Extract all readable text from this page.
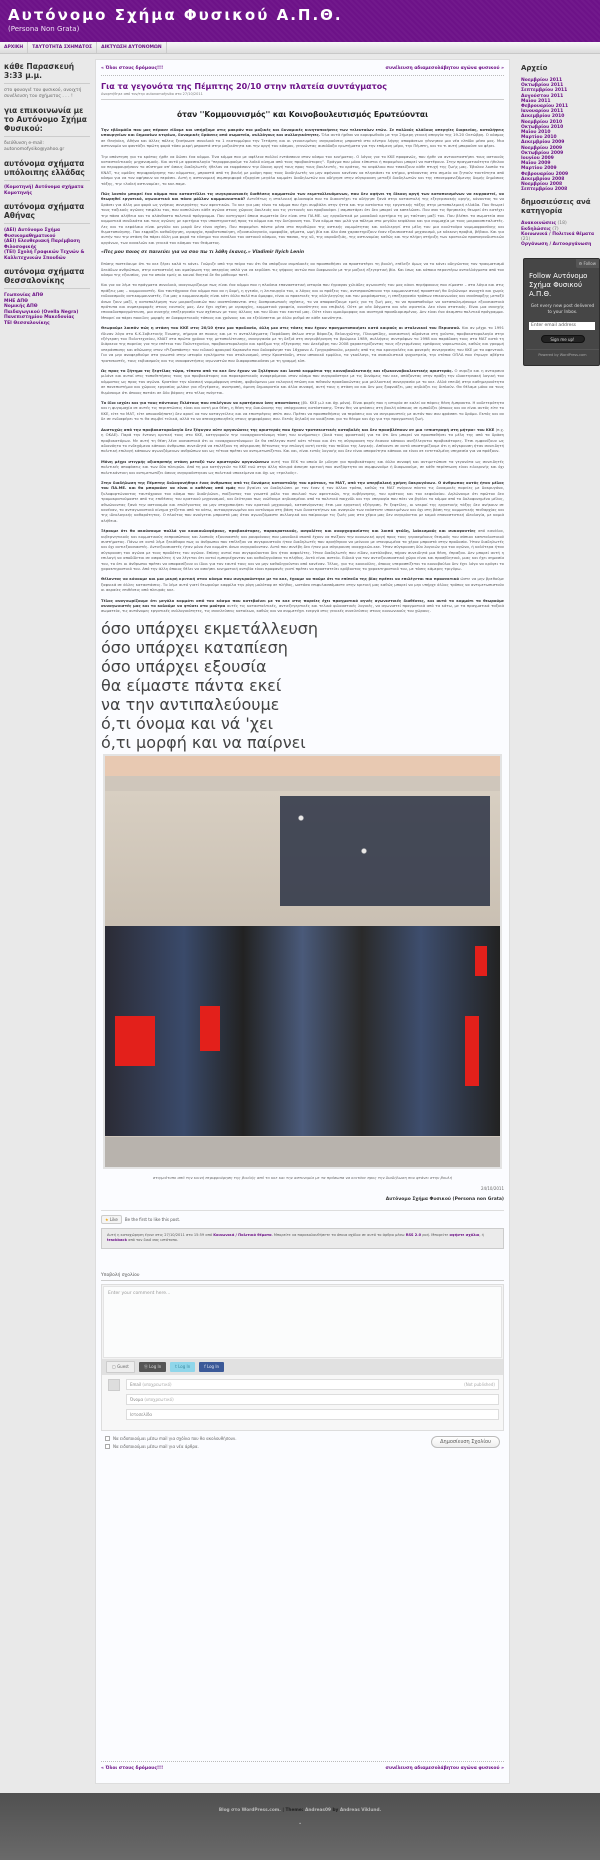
Αυτόνομο Σχήμα Φυσικού Α.Π.Θ.
(Persona Non Grata)
ΑΡΧΙΚΗ	ΤΑΥΤΟΤΗΤΑ ΣΧΗΜΑΤΟΣ	ΔΙΚΤΥΩΣΗ ΑΥΤΟΝΟΜΩΝ
κάθε Παρασκευή 3:33 μ.μ.

στο φουαγιέ του φυσικού, ανοιχτή συνέλευση του σχήματος . . . !

για επικοινωνία με το Αυτόνομο Σχήμα Φυσικού:

διεύθυνση e-mail: autonomofysiko@yahoo.gr

αυτόνομα σχήματα υπόλοιπης ελλάδας
(Κομοτηνή) Αυτόνομα σχήματα Κομοτηνής
αυτόνομα σχήματα Αθήνας
(ΑΕΙ) Αυτόνομο Σχήμα Φυσικομαθηματικού
(ΑΕΙ) Ελευθεριακή Παρέμβαση Φιλοσοφικής
(ΤΕΙ) Σχολή Γραφικών Τεχνών & Καλλιτεχνικών Σπουδών
αυτόνομα σχήματα Θεσσαλονίκης
Γεωπονίας ΑΠΘ
ΜΗΕ ΑΠΘ
Νομικής ΑΠΘ
Παιδαγωγικού (Ovella Negra)
Πανεπιστημίου Μακεδονίας
ΤΕΙ Θεσσαλονίκης
« Όλοι στους δρόμους!!!	συνέλευση αδιαμεσολάβητου αγώνα φυσικού »
Για τα γεγονότα της Πέμπτης 20/10 στην πλατεία συντάγματος
Αναρτήθηκε από τον/την autonomofysiko στο 27/10/2011
όταν ''Κομμουνισμός'' και Κοινοβουλευτισμός Ερωτεύονται
Την εβδομάδα που μας πέρασε είδαμε και υπήρξαμε στις μακράν πιο μαζικές και δυναμικές κινητοποιήσεις των τελευταίων ετών. Σε πολλούς κλάδους απεργίες διαρκείας, καταλήψεις υπουργείων και δημοσίων κτιρίων, δυναμικές δράσεις από σωματεία, συλλόγους και συλλογικότητες. Όλα αυτά ήρθαν να κορυφωθούν με την 2ήμερη γενική απεργία της 19-20 Οκτώβρη. Ο κόσμος σε Θεσ/νίκη, Αθήνα και άλλες πόλεις ξεσήκωσε συνολικά το 1 εκατομμύριο την Τετάρτη και οι γενικευμένες συγκρούσεις μπροστά στο κέντρο λήψης αποφάσεων γέννησαν μια νέα ελπίδα μέσα μας. Μια αστυνομία να φαντάζει πρώτη φορά τόσο μικρή μπροστά στην μαζικότητα και την οργή του κόσμου, γεννώντας αισιόδοξα ερωτήματα για την επόμενη μέρα, την Πέμπτη, και το τι αυτή μπορούσε να φέρει.
Την απάντηση για το κράτος ήρθε να δώσει ένα κόμμα. Ένα κόμμα που με αφέλεια πολλοί εντάσσουν στον κόσμο του κινήματος. Ο λόγος για το ΚΚΕ προφανώς, που ήρθε να αντικαταστήσει τους αστικούς κατασταλτικούς μηχανισμούς. Και αυτό με φρασεολογία "περιφρουρούμε το λαϊκό κίνημα από τους προβοκάτορες". Πράγμα που μόνο εύπιστοι ή παραμένοι μπορεί να πιστέψουν. Στην πραγματικότητα ήθελαν να περιφρουρήσουν το σύστημα απ' όσους διαδηλωτές ήθελαν να εκφράσουν την δίκαιη οργή τους προς τους βουλευτές, το κράτος, το κεφάλαιο που τσακίζουν κάθε πτυχή της ζωής μας. Έβαλαν λοιπόν το ΚΝΑΤ, τις ομάδες περιφρούρησης του κόμματος, μπροστά από τη βουλή με μούρη προς τους διαδηλωτές να μην αφήνουν κανέναν να πλησιάσει το κτήριο, φτάνοντας στο σημείο να ζητούν ταυτότητα από κόσμο για να τον αφήσουν να περάσει. Αυτή η αστυνομική συμπεριφορά εξοργίσε μεγάλο κομμάτι διαδηλωτών και οδήγησε στην σύγκρουση μεταξύ διαδηλωτών και της επανεμφανιζόμενης δομής δημόσιας τάξης, την «λαϊκή αστυνομία», το κκε-παμε.
Πώς λοιπόν μπορεί ένα κόμμα που καταστέλλει τις συγκρουσιακές διαθέσεις κομματιών των εκμεταλλευόμενων, που δεν αφήνει τη δίκαιη οργή των καταπιεσμένων να εκφραστεί, να θεωρηθεί εργατικό, αγωνιστικό και πόσο μάλλον κομμουνιστικό? Αντιθέτως η σταλινική φιλοσοφία που το διακατέχει το οδήγησε ξανά στην καταστολή της εξεγερσιακής οργής, κάνοντας το να δράσει για άλλη μια φορά ως γνήσιος συνεργάτης των αφεντικών. Το κκε για μας είναι το κόμμα που έχει συμβάλει στην ήττα και την κατάντια της εργατικής τάξης στην μεταπολεμική ελλάδα. Που θεωρεί τους ταξικούς αγώνες τσιφλίκι του, που καπελώνει κάθε αγώνα στους χώρους δουλειάς και τις γειτονιές και προβοκάρει / σαμποτάρει ότι δεν μπορεί να καπελώσει. Που σαν τις θρησκείες θεωρεί ότι κατέχει την πάσα αλήθεια και το αλάνθαστο πολιτικό πρόγραμμα. Που κατηγορεί όποια σωματεία δεν είναι στο ΠΑ.ΜΕ. ως εργοδοτικά με μοναδικό κριτήριο τη μη ταύτιση μαζί του. Που βλέπει τα σωματεία σαν κομματικά συνδικάτα και τους αγώνες με κριτήριο την υποστηρικτική προς το κόμμα και την διεύρυνση του. Ένα κόμμα που μιλά για πόλεμο στο μεγάλο κεφάλαιο και για συμμαχία με τους μικροκαπιταλιστές. Λες και το κεφάλαιο είναι μεγάλο και μικρό δεν είναι σχέση. Που παραμένει πάντα μέσα στα περιθώρια της αστικής νομιμότητας και καλλιεργεί στα μέλη του μια κουλτούρα νομιμοφροσύνης και θυματοποίησης. Που εκφράζει καθοδήγηση, ιεραρχία, προβατοποίηση, εξουσιολαγνεία, ομοφοβία, ψέματα, ωμή βία και όλα όσα χαρακτηρίζουν έναν εξουσιαστικό μηχανισμό, με κόκκινη προβιά, βέβαια. Και για αυτήν του την στάση θα πάρει άλλη μια φορά τα εύσημα του συνόλου του αστικού κόσμου, του πασοκ, της νδ, της ακροδεξιάς, της αστυνομίας καθώς και την πλήρη στήριξη των κρατικών προπαγανδιστικών οργάνων, των καναλιών και γενικά του κόσμου του θεάματος.
«Πες μου ποιος σε παινεύει για να σου πω τι λάθη έκανες.» Vladimir Ilyich Lenin
Επίσης πιστεύουμε ότι το κκε ξέρει καλά τι κάνει. Γνώριζε από την πείρα του ότι θα υπάρξουν συμπλοκές αν προσπαθήσει να προστατέψει τη βουλή, επέλεξε όμως να το κάνει οδηγώντας τον τραυματισμό δεκάδων ανθρώπων, στην καταστολή και αμαύρωση της απεργίας απλά για να κερδίσει τις ψήφους αυτών που διαφωνούν με την μαζική εξεγερτική βία. Και ίσως και κάποια περαιτέρω ανταλλάγματα από τον κόσμο της εξουσίας, για τα οποία εμείς οι κοινοί θνητοί δε θα μάθουμε ποτέ.
Και για να λέμε τα πράγματα συνολικά, αναγνωρίζουμε πως είναι ένα κόμμα που η πλούσια επαναστατική ιστορία που έγραψαν χιλιάδες αγωνιστές του μας κάνει περήφανους που είμαστε – στα λόγια και στις πράξεις μας – κομμουνιστές. Και ταυτόχρονα ένα κόμμα που αν η δομή, η ηγεσία, η λειτουργία του, ο λόγος και οι πράξεις του, αντιπροσώπευαν την κομμουνιστική προοπτική θα δηλώναμε ανοιχτά και χωρίς ενδοιασμούς αντικομμουνιστές. Για μας ο κομμουνισμός είναι κάτι άλλο πολύ πιο όμορφο, είναι οι πρακτικές της αλληλεγγύης και του μοιράσματος, η επεξεργασία τρόπων επικοινωνίας και συνύπαρξης μεταξύ όσων ζουν μαζί, η καταπολέμηση των μικροεξουσιών που αναπτύσσονται στις διαπροσωπικές σχέσεις, το να αποφασίζουμε εμείς για τη ζωή μας, το να προσπαθούμε να καταπολεμήσουμε εξουσιαστικά πρότυπα και συμπεριφορές στους εαυτούς μας. Δεν έχει σχέση με ιεραρχίες, κομματικά γραφεία, ανισότητες και επιβολή. Ούτε με νέα δόγματα και νέα ιερατεία. Δεν είναι στατικός. Είναι μια συνεχής επαναδιαπραγμάτευση, μια συνεχής επεξεργασία των σχέσεων με τους άλλους και του ίδιου του εαυτού μας. Ούτε είναι ομοιόμορφος και αυστηρά προσδιορισμένος. Δεν είναι ένα άκαμπτο πολιτικό πρόγραμμα. Μπορεί να πάρει ποικίλες μορφές σε διαφορετικούς τόπους και χρόνους και να εξελίσσεται με άλλο ρυθμό σε κάθε κοινότητα.
Θεωρούμε λοιπόν πώς η στάση του ΚΚΕ στις 20/10 ήταν μια προδοσία, άλλη μια στις τόσες που έχουν πραγματοποιήσει κατά καιρούς οι σταλινικοί του Περισσού. Και αν μέχρι το 1991 έδιναν λόγο στο Κ.Κ.Σοβιετικής Ένωσης, σήμερα σε ποιους και με τι ανταλλάγματα; Παράδοση όπλων στην Βάρκιζα, Βελουχιώτης, Πλουμπίδης, ουσιαστική αδράνεια στη χούντα, προβοκατορολογία στην εξέγερση του Πολυτεχνείου, ΚΝΑΤ στα πρώτα χρόνια της μεταπολίτευσης, συνεργασία με τη δεξιά στη συγκυβέρνηση το βρώμικο 1989, συλλήψεις συντρόφων το 1998 και παράδοση τους στα ΜΑΤ κατά τη διάρκεια της πορείας για την επέτειο του Πολυτεχνείου, προβοκατορολογία και κράξιμο της εξέγερσης του Δεκέμβρη του 2008 χαρακτηρίζοντας τους εξεγερμένους εμπόρους ναρκωτικών, καθώς και γραμμή υπεράσπισης και αθώωσης στον «Ριζοσπάστη» του ειδικού φρουρού Κορκονέα που δολοφόνησε τον 16χρονο Α. Γρηγορόπουλο, μερικές από τις πιο κραυγαλέες και φανερές συνεργασίες του ΚΚΕ με τα αφεντικά. Για να μην αναφερθούμε στα γνωστά στην ιστορία εγκλήματα του σταλινισμού, στην Κροστάνδη, στον ισπανικό εμφύλιο, τα γκούλαγκ, τα σοσιαλιστικά ψυχιατρεία, την ντόπια ΟΠΛΑ που έτρωγε αβέρτα τροτσκιστές, τους εκβιασμούς και τις συκοφαντήσεις αγωνιστών που διαφοροποιούσαν με τη γραμμή κλπ.
Ως προς το ζήτημα τις ξεφτίλας τώρα, τίποτα από το κκε δεν έχουν να ζηλέψουν και λοιπά κομμάτια της κοινοβουλευτικής και εξωκοινοβουλευτικής αριστεράς. Ο συριζα και η ανταρσυα μιλάνε και αυτοί στις τοποθετήσεις τους για προβοκάτορες και παρακρατικούς αναφερόμενοι στον κόσμο που συγκρούστηκε με τις δυνάμεις του κκε, απάζοντας στην πράξη την ιδιοκτησιακή λογική του κόμματος ως προς τον αγώνα. Κρατάνε την κλασική νομιμόφρονη στάση, φοβούμενοι μια εκλογική πτώση και πιθανόν προσδοκώντας μια μελλοντική συνεργασία με το κκε. Αλλά επειδή στην καθημερινότητα σε πανεπιστήμια και χώρους εργασίας μιλάνε για εξεγέρσεις, ανατροπή, άμεση δημοκρατία και άλλα συναφή, αυτή τους η στάση αν και δεν μας ξαφνιάζει, μας αηδιάζει εις διπλούν. Θα θέλαμε μόνο να τους θυμίσουμε ότι όποιος πατάει σε δύο βάρκες στο τέλος πνίγεται.
Το ίδιο ισχύει και για τους πόντιους Πιλάτους που επιλέγουν να κρατήσουν ίσες αποστάσεις (βλ. ΚΚΕ μ-λ και όχι μόνο). Είναι φορές που η ιστορία σε καλεί να πάρεις θέση έμπρακτα. Η ουδετερότητα και η φυγομαχία σε αυτές τις περιπτώσεις είναι και αυτή μια θέση, η θέση της διαιώνισης της υπάρχουσας κατάστασης. Όταν θες να φτάσεις στη βουλή κάποιος σε εμποδίζει (όποιος και αν είναι αυτός είτε το ΚΚΕ, είτε τα ΜΑΤ, είτε οποιοσδήποτε) δεν αρκεί να τον καταγγείλεις και να επιστρέψεις σπίτι σου. Πρέπει να προσπαθήσεις να περάσεις και να συγκρουστείς με αυτόν που σου φράσσει το δρόμο. Εκτός και αν δε σε ενδιαφέρει το τι θα συμβεί τελικά, αλλά το να απενοχοποιηθείς στους ψηφοφόρους σου. Εκτός δηλαδή αν νοιάζεσαι για το θέαμα και όχι για την πραγματική ζωή.
Δυστυχώς από την προβοκατορολογία δεν ξέφυγαν ούτε οργανώσεις της αριστεράς που έχουν τροτσκιστικές καταβολές και δεν προσβλέπουν σε μια «επιστροφή στη μήτρα» του ΚΚΕ (π.χ. η ΟΚΔΕ). Παρά την έντονη κριτική τους στο ΚΚΕ, κατηγορούν την «αναρχοαυτόνομη τάση του κινήματος» (δικά τους φραστικά) για τα ότι δεν μπορεί να προσπαθήσει τα μέλη της από τα δράση προβοκατόρων. Με αυτή τη θέση λένε ουσιαστικά ότι οι «αναρχοαυτόνομοι» δε θα επέλεγαν ποτέ κάτι τέτοιο και ότι τη σύγκρουση την έκαναν κάποιοι ανεξέλεγκτοι προβοκάτορες. Έτσι εμφανίζουν ως αδιανόητο το ενδεχόμενο κάποιοι άνθρωποι συνειδητά να επιλέξουν τη σύγκρουση θέτοντας την επιλογή αυτή εκτός του πεδίου της λογικής. Απέναντι σε αυτό υποστηρίζουμε ότι η σύγκρουση ήταν συνειδητή πολιτική επιλογή κάποιων αγωνιζόμενων ανθρώπων και ως τέτοια πρέπει να αντιμετωπίζεται. Και ναι, είναι εντός λογικής και δεν είναι απαραίτητο κάποιοι να είναι σε εντεταλμένη υπηρεσία για να πράξουν.
Μόνη μέχρι στιγμής αξιοπρεπής στάση μεταξύ των αριστερών οργανώσεων αυτή του ΕΕΚ το οποίο δε μίλησε για προβοκάτορες και άλλα συναφή και αντιμετώπισε τα γεγονότα ως συνειδητές πολιτικές αποφάσεις και των δύο πλευρών. Από τη μια κατήγγειλε το ΚΚΕ ενώ στην άλλη πλευρά άσκησε κριτική που ανεξάρτητα αν συμφωνούμε ή διαφωνούμε, σε κάθε περίπτωση είναι ειλικρινής και όχι πολιτικάντικη και αντιμετωπίζει όσους συγκρούστηκαν ως πολιτικά υποκείμενα και όχι ως «τρελούς».
Στην διαδήλωση της Πέμπτης δολοφονήθηκε ένας άνθρωπος από τις δυνάμεις καταστολής του κράτους, τα ΜΑΤ, από την υπερβολική χρήση δακρυγόνων. Ο άνθρωπος αυτός ήταν μέλος του ΠΑ.ΜΕ. και θα μπορούσε να είναι ο καθένας από εμάς που βγαίνει να διαδηλώσει με τον έναν ή τον άλλον τρόπο, καθώς τα ΜΑΤ πνίγουν πάντα τις δυναμικές πορείες με δακρυγόνα, ξυλοφορτώνοντας ταυτόχρονα τον κόσμο που διαδηλώνει, παίζοντας τον γνωστό ρόλο του σκυλιού των αφεντικών, της κυβέρνησης, του κράτους και του κεφαλαίου. Δηλώνουμε ότι πρώτον δεν τρομοκρατούμαστε από τις επιθέσεις του κρατικού μηχανισμού, και δεύτερον πως νιώθουμε αηδιασμένοι από το πολιτικό παιχνίδι και την υπεροψία που πάει να βγάλει το κόμμα από το δολοφονημένο μέλος, αθωώνοντας ξανά την αστυνομία και επιλέγοντας να μην στοχοποιήσει τον κρατικό μηχανισμό, καταπνίγοντας έτσι μια εργατική εξέγερση. Ρε ξεφτίλες, οι νεκροί της εργατικής τάξης δεν ανήκουν σε κανέναν, το ανταγωνιστικό κίνημα χτίζεται από τα κάτω, αυτοοργανωμένο και αυτόνομο στη βάση των δυνατοτήτων και αναγκών των εκάστοτε υποκειμένων και όχι στη βάση της κομματικής πειθαρχίας και της ιδεολογικής καθαρότητας. Ο πλούτος που ανοίγεται μπροστά μας όταν αγωνιζόμαστε συλλογικά και παίρνουμε τις ζωές μας στα χέρια μας δεν συγκρίνεται με καμιά επαναστατική ιδεολογία, με καμιά αλήθεια.
Ξέρουμε ότι θα ακούσουμε πολλά για κουκουλοφόρους, προβοκάτορες, παρακρατικούς, ασφαλίτες και αναρχοφασίστες και λοιπά ψεύδη, λαϊκισμούς και συκοφαντίες από κανάλια, κυβερνητικούς και κομματικούς εκπροσώπους και λοιπούς εξουσιαστές και ρουφιάνους που μοναδικό σκοπό έχουν να πνίξουν την κοινωνική οργή προς τους γερασμένους θεσμούς του σάπιου καπιταλιστικού συστήματος. Πάνω σε αυτό λέμε ξεκάθαρα πως οι άνθρωποι που επέλεξαν να συγκρουστούν ήταν διαδηλωτές που αρνήθηκαν να μείνουν με σταυρωμένα τα χέρια μπροστά στην προδοσία. Ήταν διαδηλωτές και όχι αντιεξουσιαστές. Αντιεξουσιαστές ήταν μόνο ένα κομμάτι όσων συγκρούονταν. Αυτό που συνέβη δεν ήταν μια σύγκρουση αναρχικών-κκε. Ήταν σύγκρουση δύο λογικών για τον αγώνα, ή καλύτερα ήταν σύγκρουση του αγώνα με τους προδότες του αγώνα. Επίσης αυτοί που συγκρούονταν δεν ήταν ασφαλίτες. Ήταν διαδηλωτές που είδαν, κατάλαβαν, πήραν συνειδητά μια θέση, έπραξαν. Δεν μπορεί αυτή η επιλογή να αποδίδεται σε ασφαλίτες ή να λέγεται ότι αυτοί εμπεριέχονταν και καθοδηγούσαν το πλήθος. Αυτό είναι αστείο. Ειδικά για τον αντιεξουσιαστικό χώρο είναι και προσβλητικό, μιας και έχει σημασία του, το ότι οι άνθρωποι πρέπει να αποφασίζουν οι ίδιοι για τον εαυτό τους και να μην καθοδηγούνται από κανέναν. Τέλος, για τις κουκούλες, όποιος υπερασπίζεται το κοινοβούλιο δεν έχει λόγο να κρύψει το χαρακτηριστικό του. Από την άλλη όποιος θέλει να ασκήσει κινηματική αντιβία είναι προφανές γιατί πρέπει να προστατεύει κρύβοντας το χαρακτηριστικό του, με τόσες κάμερες τριγύρω.
Θέλοντας να κάνουμε και μια μικρή κριτική στον κόσμο που συγκρούστηκε με το κκε, έχουμε να πούμε ότι το επίπεδο της βίας πρέπει να επιλέγεται πιο προσεκτικά ώστε να μην βρεθούμε ξαφνικά σε άλλες καταστάσεις. Το λέμε αυτό γιατί θεωρούμε καφρίλα την ρίψη μολότοφ σε πλήθος, ωστόσο επιφυλασσόμαστε στην κριτική μας καθώς μπορεί να μην υπήρχε άλλος τρόπος να αντιμετωπιστούν οι ακραίες επιθέσεις από πλευράς κκε.
Τέλος αναγνωρίζουμε ότι μεγάλο κομμάτι από τον κόσμο που κατεβαίνει με το κκε στις πορείες έχει πραγματικά αγνές αγωνιστικές διαθέσεις, και αυτό το κομμάτι το θεωρούμε συναγωνιστές μας και το καλούμε να φτύσει στα μούτρα αυτές τις κατασταλτικές, αντιεξεγερτικές και τελικά φιλοαστικές λογικές, να αγωνιστεί πραγματικά από τα κάτω, με τα πραγματικά ταξικά σωματεία, τις αυτόνομες εργατικές συλλογικότητες, τις συνελεύσεις κατοίκων, καθώς και να συμμετέχει ενεργά στις γενικές συνελεύσεις στους κοινωνικούς του χώρους.
όσο υπάρχει εκμετάλλευση
όσο υπάρχει καταπίεση
όσο υπάρχει εξουσία
θα είμαστε πάντα εκεί
να την αντιπαλεύουμε
ό,τι όνομα και νά 'χει
ό,τι μορφή και να παίρνει
στιγμιότυπο από την κοινή περιφρούρηση της βουλής από το κκε και την αστυνομία με τα πρόσωπα να κοιτάνε προς την διαδήλωση που φτάνει στην βουλή
24/10/2011
Αυτόνομο Σχήμα Φυσικού (Persona non Grata)
★ Like	Be the first to like this post.
Αυτή η καταχώρηση έγινε στις 27/10/2011 στο 15:59 από Κοινωνικά / Πολιτικά θέματα. Μπορείτε να παρακολουθήσετε τα όποια σχόλια σε αυτό το άρθρο μέσω RSS 2.0 ροή. Μπορείτε αφήστε σχόλιο, ή trackback από τον δικό σας ιστότοπο.
Υποβολή σχολίου
Enter your comment here...
▢ Guest	Ⓦ Log In	t Log In	f Log In
Email (υποχρεωτικό)	(Not published)
Όνομα (υποχρεωτικό)
Ιστοσελίδα
Να ειδοποιούμαι μέσω mail για σχόλια που θα ακολουθήσουν.
Να ειδοποιούμαι μέσω mail για νέα άρθρα.
Δημοσίευση Σχολίου
« Όλοι στους δρόμους!!!	συνέλευση αδιαμεσολάβητου αγώνα φυσικού »
Αρχείο
Νοεμβρίου 2011
Οκτωβρίου 2011
Σεπτεμβρίου 2011
Αυγούστου 2011
Μαΐου 2011
Φεβρουαρίου 2011
Ιανουαρίου 2011
Δεκεμβρίου 2010
Νοεμβρίου 2010
Οκτωβρίου 2010
Μαΐου 2010
Μαρτίου 2010
Δεκεμβρίου 2009
Νοεμβρίου 2009
Οκτωβρίου 2009
Ιουνίου 2009
Μαΐου 2009
Μαρτίου 2009
Φεβρουαρίου 2009
Δεκεμβρίου 2008
Νοεμβρίου 2008
Σεπτεμβρίου 2008
δημοσιεύσεις ανά κατηγορία
Ανακοινώσεις (18)
Εκδηλώσεις (7)
Κοινωνικά / Πολιτικά θέματα (21)
Οργάνωση / Αυτοοργάνωση
⚙ Follow
Follow Αυτόνομο Σχήμα Φυσικού Α.Π.Θ.
Get every new post delivered to your Inbox.
Enter email address
Sign me up!
Powered by WordPress.com
Blog στο WordPress.com. | Theme: Andreas09 by Andreas Viklund.
•
